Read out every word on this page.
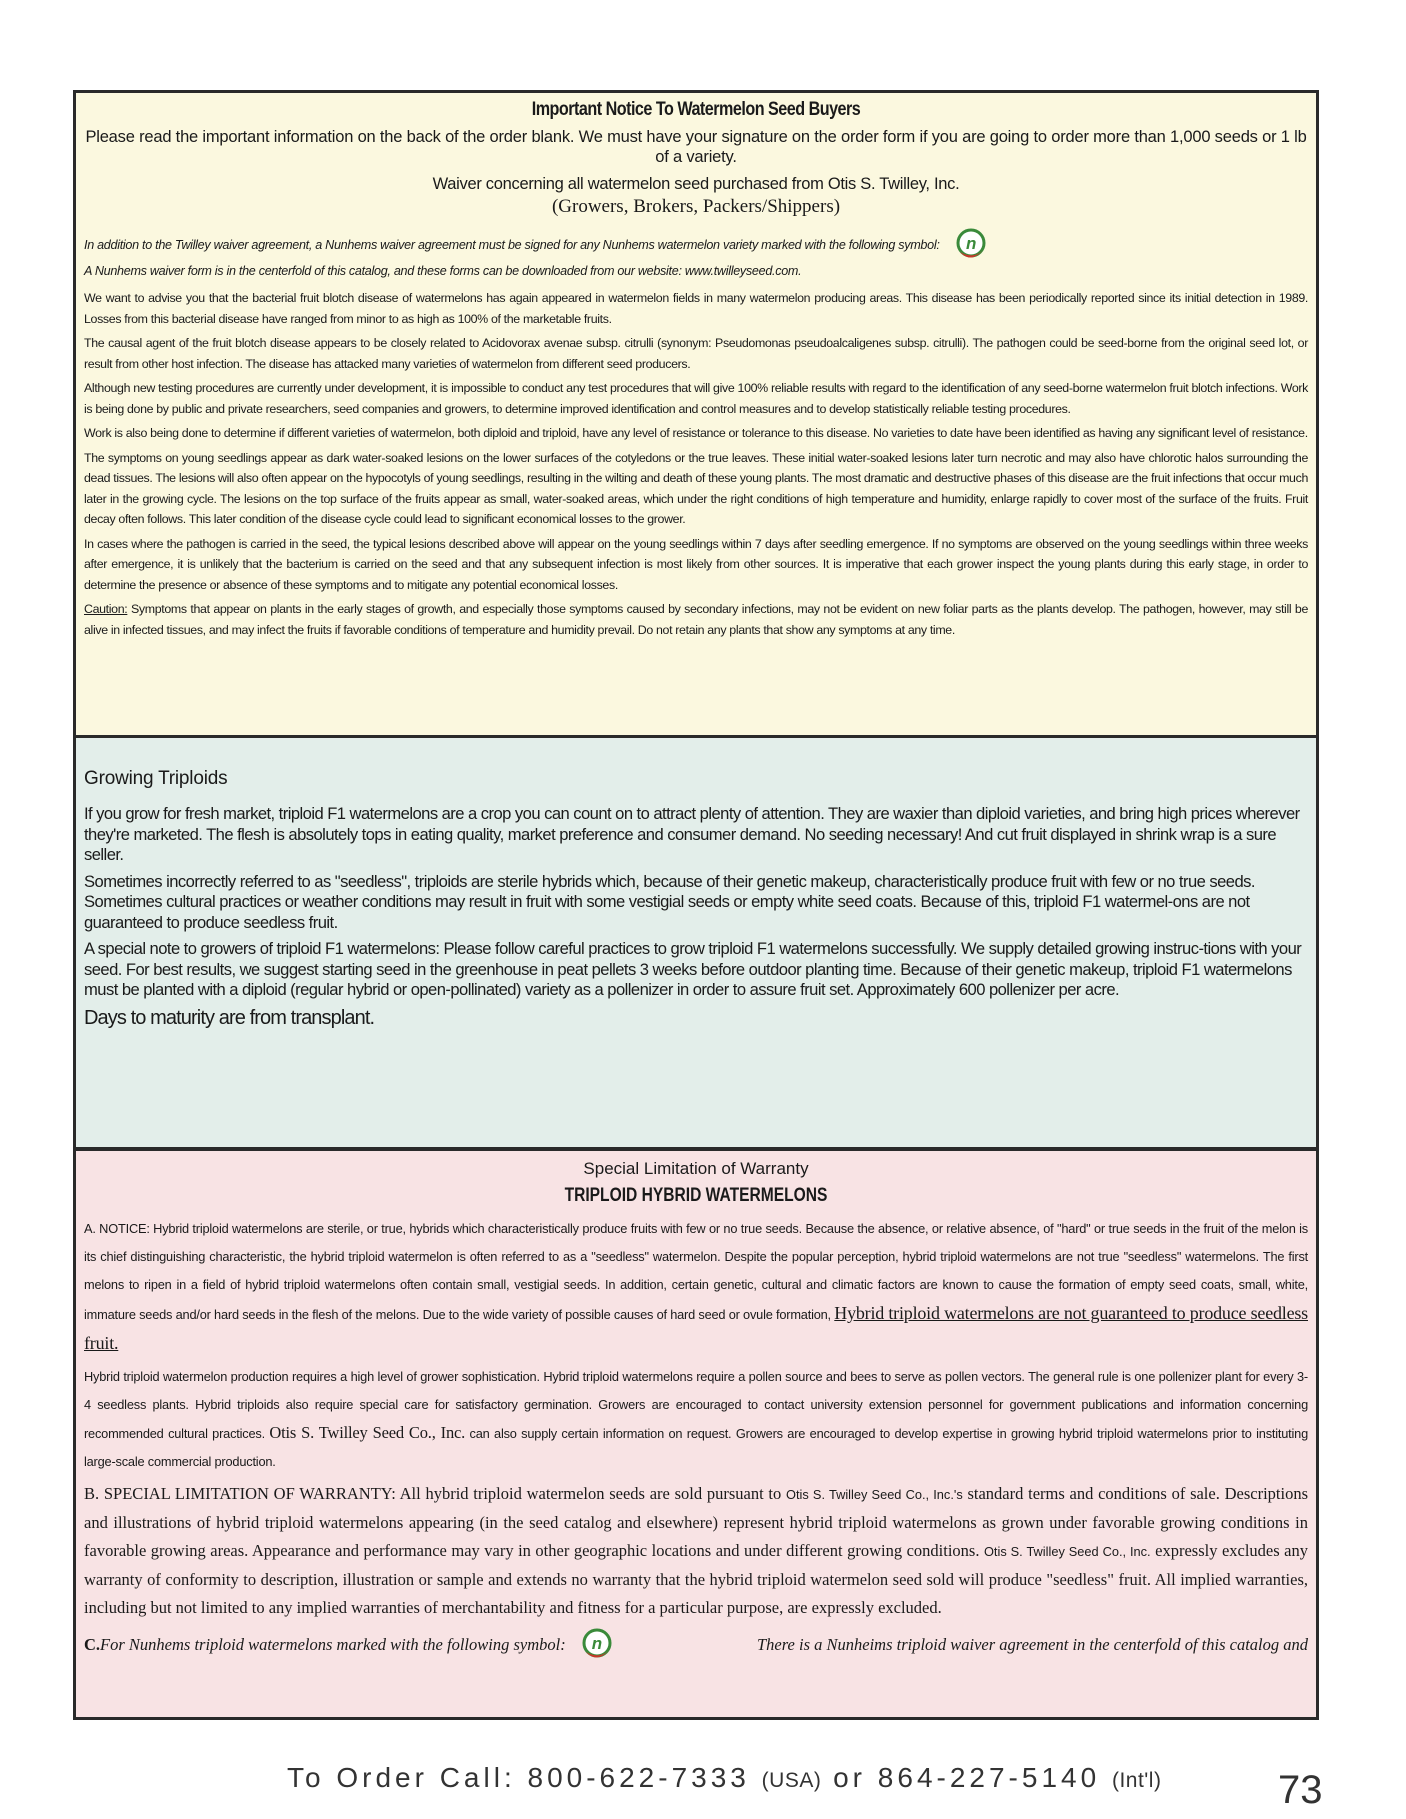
Important Notice To Watermelon Seed Buyers

Please read the important information on the back of the order blank. We must have your signature on the order form if you are going to order more than 1,000 seeds or 1 lb of a variety.

Waiver concerning all watermelon seed purchased from Otis S. Twilley, Inc.

(Growers, Brokers, Packers/Shippers)

In addition to the Twilley waiver agreement, a Nunhems waiver agreement must be signed for any Nunhems watermelon variety marked with the following symbol: n

A Nunhems waiver form is in the centerfold of this catalog, and these forms can be downloaded from our website: www.twilleyseed.com.

We want to advise you that the bacterial fruit blotch disease of watermelons has again appeared in watermelon fields in many watermelon producing areas. This disease has been periodically reported since its initial detection in 1989. Losses from this bacterial disease have ranged from minor to as high as 100% of the marketable fruits.

The causal agent of the fruit blotch disease appears to be closely related to Acidovorax avenae subsp. citrulli (synonym: Pseudomonas pseudoalcaligenes subsp. citrulli). The pathogen could be seed-borne from the original seed lot, or result from other host infection. The disease has attacked many varieties of watermelon from different seed producers.

Although new testing procedures are currently under development, it is impossible to conduct any test procedures that will give 100% reliable results with regard to the identification of any seed-borne watermelon fruit blotch infections. Work is being done by public and private researchers, seed companies and growers, to determine improved identification and control measures and to develop statistically reliable testing procedures.

Work is also being done to determine if different varieties of watermelon, both diploid and triploid, have any level of resistance or tolerance to this disease. No varieties to date have been identified as having any significant level of resistance.

The symptoms on young seedlings appear as dark water-soaked lesions on the lower surfaces of the cotyledons or the true leaves. These initial water-soaked lesions later turn necrotic and may also have chlorotic halos surrounding the dead tissues. The lesions will also often appear on the hypocotyls of young seedlings, resulting in the wilting and death of these young plants. The most dramatic and destructive phases of this disease are the fruit infections that occur much later in the growing cycle. The lesions on the top surface of the fruits appear as small, water-soaked areas, which under the right conditions of high temperature and humidity, enlarge rapidly to cover most of the surface of the fruits. Fruit decay often follows. This later condition of the disease cycle could lead to significant economical losses to the grower.

In cases where the pathogen is carried in the seed, the typical lesions described above will appear on the young seedlings within 7 days after seedling emergence. If no symptoms are observed on the young seedlings within three weeks after emergence, it is unlikely that the bacterium is carried on the seed and that any subsequent infection is most likely from other sources. It is imperative that each grower inspect the young plants during this early stage, in order to determine the presence or absence of these symptoms and to mitigate any potential economical losses.

Caution: Symptoms that appear on plants in the early stages of growth, and especially those symptoms caused by secondary infections, may not be evident on new foliar parts as the plants develop. The pathogen, however, may still be alive in infected tissues, and may infect the fruits if favorable conditions of temperature and humidity prevail. Do not retain any plants that show any symptoms at any time.

Growing Triploids

If you grow for fresh market, triploid F1 watermelons are a crop you can count on to attract plenty of attention. They are waxier than diploid varieties, and bring high prices wherever they're marketed. The flesh is absolutely tops in eating quality, market preference and consumer demand. No seeding necessary! And cut fruit displayed in shrink wrap is a sure seller.

Sometimes incorrectly referred to as "seedless", triploids are sterile hybrids which, because of their genetic makeup, characteristically produce fruit with few or no true seeds. Sometimes cultural practices or weather conditions may result in fruit with some vestigial seeds or empty white seed coats. Because of this, triploid F1 watermel-ons are not guaranteed to produce seedless fruit.

A special note to growers of triploid F1 watermelons: Please follow careful practices to grow triploid F1 watermelons successfully. We supply detailed growing instruc-tions with your seed. For best results, we suggest starting seed in the greenhouse in peat pellets 3 weeks before outdoor planting time. Because of their genetic makeup, triploid F1 watermelons must be planted with a diploid (regular hybrid or open-pollinated) variety as a pollenizer in order to assure fruit set. Approximately 600 pollenizer per acre.

Days to maturity are from transplant.

Special Limitation of Warranty

TRIPLOID HYBRID WATERMELONS

A. NOTICE: Hybrid triploid watermelons are sterile, or true, hybrids which characteristically produce fruits with few or no true seeds. Because the absence, or relative absence, of "hard" or true seeds in the fruit of the melon is its chief distinguishing characteristic, the hybrid triploid watermelon is often referred to as a "seedless" watermelon. Despite the popular perception, hybrid triploid watermelons are not true "seedless" watermelons. The first melons to ripen in a field of hybrid triploid watermelons often contain small, vestigial seeds. In addition, certain genetic, cultural and climatic factors are known to cause the formation of empty seed coats, small, white, immature seeds and/or hard seeds in the flesh of the melons. Due to the wide variety of possible causes of hard seed or ovule formation, Hybrid triploid watermelons are not guaranteed to produce seedless fruit.

Hybrid triploid watermelon production requires a high level of grower sophistication. Hybrid triploid watermelons require a pollen source and bees to serve as pollen vectors. The general rule is one pollenizer plant for every 3-4 seedless plants. Hybrid triploids also require special care for satisfactory germination. Growers are encouraged to contact university extension personnel for government publications and information concerning recommended cultural practices. Otis S. Twilley Seed Co., Inc. can also supply certain information on request. Growers are encouraged to develop expertise in growing hybrid triploid watermelons prior to instituting large-scale commercial production.

B. SPECIAL LIMITATION OF WARRANTY: All hybrid triploid watermelon seeds are sold pursuant to Otis S. Twilley Seed Co., Inc.'s standard terms and conditions of sale. Descriptions and illustrations of hybrid triploid watermelons appearing (in the seed catalog and elsewhere) represent hybrid triploid watermelons as grown under favorable growing conditions in favorable growing areas. Appearance and performance may vary in other geographic locations and under different growing conditions. Otis S. Twilley Seed Co., Inc. expressly excludes any warranty of conformity to description, illustration or sample and extends no warranty that the hybrid triploid watermelon seed sold will produce "seedless" fruit. All implied warranties, including but not limited to any implied warranties of merchantability and fitness for a particular purpose, are expressly excluded.

C. For Nunhems triploid watermelons marked with the following symbol: n	There is a Nunheims triploid waiver agreement in the centerfold of this catalog and
To Order Call: 800-622-7333 (USA) or 864-227-5140 (Int'l)	73
